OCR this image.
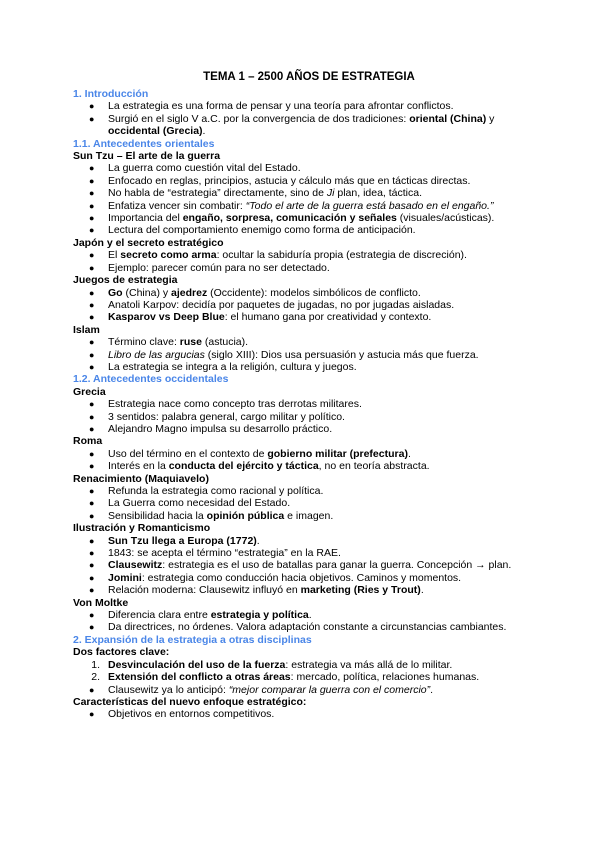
TEMA 1 – 2500 AÑOS DE ESTRATEGIA
1. Introducción
●	La estrategia es una forma de pensar y una teoría para afrontar conflictos.
●	Surgió en el siglo V a.C. por la convergencia de dos tradiciones: oriental (China) y occidental (Grecia).
1.1. Antecedentes orientales
Sun Tzu – El arte de la guerra
●	La guerra como cuestión vital del Estado.
●	Enfocado en reglas, principios, astucia y cálculo más que en tácticas directas.
●	No habla de “estrategia” directamente, sino de Ji plan, idea, táctica.
●	Enfatiza vencer sin combatir: “Todo el arte de la guerra está basado en el engaño.”
●	Importancia del engaño, sorpresa, comunicación y señales (visuales/acústicas).
●	Lectura del comportamiento enemigo como forma de anticipación.
Japón y el secreto estratégico
●	El secreto como arma: ocultar la sabiduría propia (estrategia de discreción).
●	Ejemplo: parecer común para no ser detectado.
Juegos de estrategia
●	Go (China) y ajedrez (Occidente): modelos simbólicos de conflicto.
●	Anatoli Karpov: decidía por paquetes de jugadas, no por jugadas aisladas.
●	Kasparov vs Deep Blue: el humano gana por creatividad y contexto.
Islam
●	Término clave: ruse (astucia).
●	Libro de las argucias (siglo XIII): Dios usa persuasión y astucia más que fuerza.
●	La estrategia se integra a la religión, cultura y juegos.
1.2. Antecedentes occidentales
Grecia
●	Estrategia nace como concepto tras derrotas militares.
●	3 sentidos: palabra general, cargo militar y político.
●	Alejandro Magno impulsa su desarrollo práctico.
Roma
●	Uso del término en el contexto de gobierno militar (prefectura).
●	Interés en la conducta del ejército y táctica, no en teoría abstracta.
Renacimiento (Maquiavelo)
●	Refunda la estrategia como racional y política.
●	La Guerra como necesidad del Estado.
●	Sensibilidad hacia la opinión pública e imagen.
Ilustración y Romanticismo
●	Sun Tzu llega a Europa (1772).
●	1843: se acepta el término “estrategia” en la RAE.
●	Clausewitz: estrategia es el uso de batallas para ganar la guerra. Concepción → plan.
●	Jomini: estrategia como conducción hacia objetivos. Caminos y momentos.
●	Relación moderna: Clausewitz influyó en marketing (Ries y Trout).
Von Moltke
●	Diferencia clara entre estrategia y política.
●	Da directrices, no órdenes. Valora adaptación constante a circunstancias cambiantes.
2. Expansión de la estrategia a otras disciplinas
Dos factores clave:
1. Desvinculación del uso de la fuerza: estrategia va más allá de lo militar.
2. Extensión del conflicto a otras áreas: mercado, política, relaciones humanas.
●	Clausewitz ya lo anticipó: “mejor comparar la guerra con el comercio”.
Características del nuevo enfoque estratégico:
●	Objetivos en entornos competitivos.
